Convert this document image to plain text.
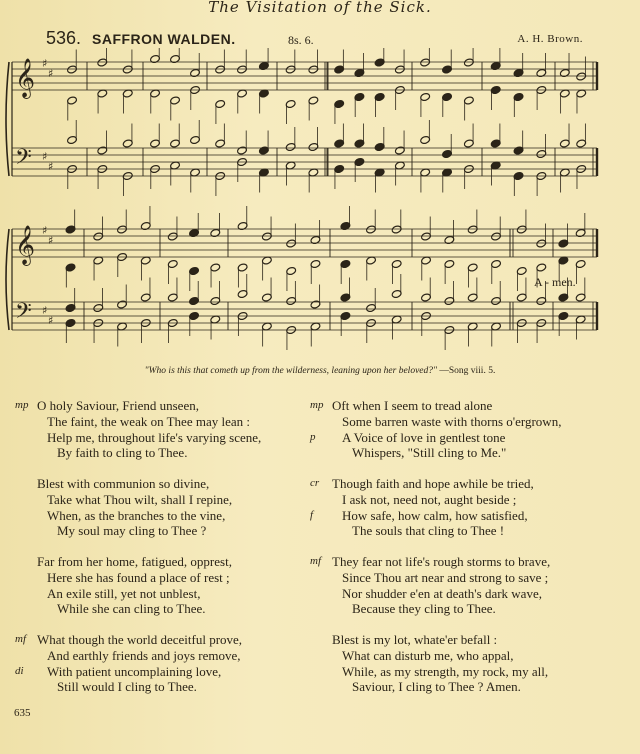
The Visitation of the Sick.
536. SAFFRON WALDEN.	8s. 6.	A. H. Brown.
𝄞
𝄢
♯
♯
♯
♯
𝄞
𝄢
♯
♯
♯
♯
A - men.
"Who is this that cometh up from the wilderness, leaning upon her beloved?" —Song viii. 5.
mp O holy Saviour, Friend unseen,
The faint, the weak on Thee may lean :
Help me, throughout life's varying scene,
By faith to cling to Thee.
Blest with communion so divine,
Take what Thou wilt, shall I repine,
When, as the branches to the vine,
My soul may cling to Thee ?
Far from her home, fatigued, opprest,
Here she has found a place of rest ;
An exile still, yet not unblest,
While she can cling to Thee.
mf What though the world deceitful prove,
And earthly friends and joys remove,
di With patient uncomplaining love,
Still would I cling to Thee.
mp Oft when I seem to tread alone
Some barren waste with thorns o'ergrown,
p A Voice of love in gentlest tone
Whispers, "Still cling to Me."
cr Though faith and hope awhile be tried,
I ask not, need not, aught beside ;
f How safe, how calm, how satisfied,
The souls that cling to Thee !
mf They fear not life's rough storms to brave,
Since Thou art near and strong to save ;
Nor shudder e'en at death's dark wave,
Because they cling to Thee.
Blest is my lot, whate'er befall :
What can disturb me, who appal,
While, as my strength, my rock, my all,
Saviour, I cling to Thee ? Amen.
635
